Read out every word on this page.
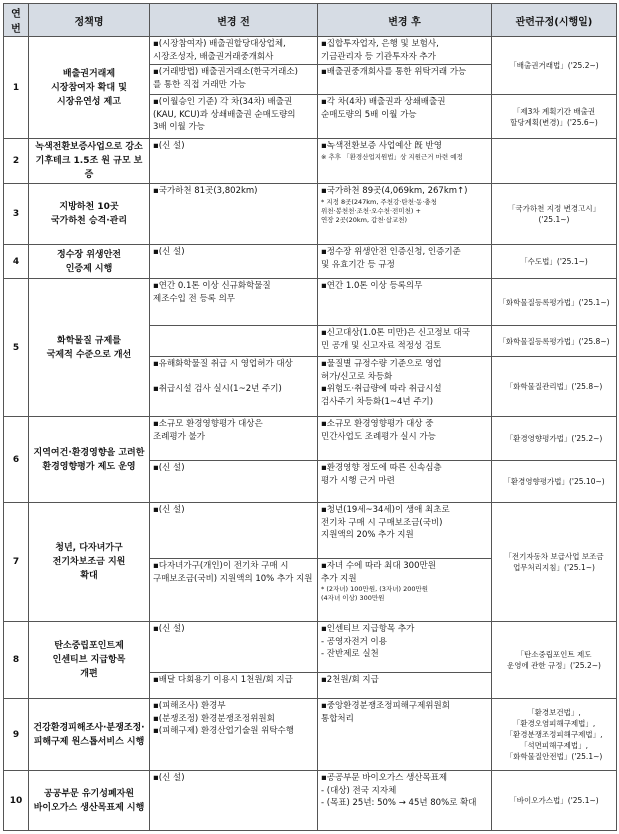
연번	정책명	변경 전	변경 후	관련규정(시행일)
1	배출권거래제
시장참여자 확대 및
시장유연성 제고	▪(시장참여자) 배출권할당대상업체,
시장조성자, 배출권거래중개회사	▪집합투자업자, 은행 및 보험사,
기금관리자 등 기관투자자 추가	「배출권거래법」('25.2~)

		▪(거래방법) 배출권거래소(한국거래소)
를 통한 직접 거래만 가능	▪배출권중개회사를 통한 위탁거래 가능	

		▪(이월승인 기준) 각 차(34차) 배출권
(KAU, KCU)과 상쇄배출권 순매도량의
3배 이월 가능	▪각 차(4차) 배출권과 상쇄배출권
순매도량의 5배 이월 가능	「제3차 계획기간 배출권
할당계획(변경)」('25.6~)

2	녹색전환보증사업으로 강소
기후테크 1.5조 원 규모 보증	▪(신 설)	▪녹색전환보증 사업예산 旣 반영
※ 추후 「환경산업지원법」상 지원근거 마련 예정	

3	지방하천 10곳
국가하천 승격·관리	▪국가하천 81곳(3,802km)	▪국가하천 89곳(4,069km, 267km↑)
* 지정 8곳(247km, 주천강·탄천·동·충청
위천·봉천천·조천·오수천·전미천) +
연장 2곳(20km, 갑천·삽교천)	「국가하천 지정 변경고시」('25.1~)

4	정수장 위생안전
인증제 시행	▪(신 설)	▪정수장 위생안전 인증신청, 인증기준
및 유효기간 등 규정	「수도법」('25.1~)

5	화학물질 규제를
국제적 수준으로 개선	▪연간 0.1톤 이상 신규화학물질
제조수입 전 등록 의무	▪연간 1.0톤 이상 등록의무	「화학물질등록평가법」('25.1~)

			▪신고대상(1.0톤 미만)은 신고정보 대국
민 공개 및 신고자료 적정성 검토	「화학물질등록평가법」('25.8~)

		▪유해화학물질 취급 시 영업허가 대상

▪취급시설 검사 실시(1~2년 주기)	▪물질별 규정수량 기준으로 영업
허가/신고로 차등화
▪위험도·취급량에 따라 취급시설
검사주기 차등화(1~4년 주기)	「화학물질관리법」('25.8~)

6	지역여건·환경영향을 고려한
환경영향평가 제도 운영	▪소규모 환경영향평가 대상은
조례평가 불가	▪소규모 환경영향평가 대상 중
민간사업도 조례평가 실시 가능	「환경영향평가법」('25.2~)

		▪(신 설)	▪환경영향 정도에 따른 신속심층
평가 시행 근거 마련	「환경영향평가법」('25.10~)

7	청년, 다자녀가구
전기차보조금 지원
확대	▪(신 설)	▪청년(19세~34세)이 생애 최초로
전기차 구매 시 구매보조금(국비)
지원액의 20% 추가 지원	「전기자동차 보급사업 보조금
업무처리지침」('25.1~)

		▪다자녀가구(개인)이 전기차 구매 시
구매보조금(국비) 지원액의 10% 추가 지원	▪자녀 수에 따라 최대 300만원
추가 지원
* (2자녀) 100만원, (3자녀) 200만원
(4자녀 이상) 300만원	

8	탄소중립포인트제
인센티브 지급항목
개편	▪(신 설)	▪인센티브 지급항목 추가
- 공영자전거 이용
- 잔반제로 실천	「탄소중립포인트 제도
운영에 관한 규정」('25.2~)

		▪배달 다회용기 이용시 1천원/회 지급	▪2천원/회 지급	

9	건강환경피해조사·분쟁조정·
피해구제 원스톱서비스 시행	▪(피해조사) 환경부
▪(분쟁조정) 환경분쟁조정위원회
▪(피해구제) 환경산업기술원 위탁수행	▪중앙환경분쟁조정피해구제위원회
통합처리	「환경보건법」,
「환경오염피해구제법」,
「환경분쟁조정피해구제법」,
「석면피해구제법」,
「화학물질안전법」('25.1~)

10	공공부문 유기성폐자원
바이오가스 생산목표제 시행	▪(신 설)	▪공공부문 바이오가스 생산목표제
- (대상) 전국 지자체
- (목표) 25년: 50% → 45년 80%로 확대	「바이오가스법」('25.1~)
